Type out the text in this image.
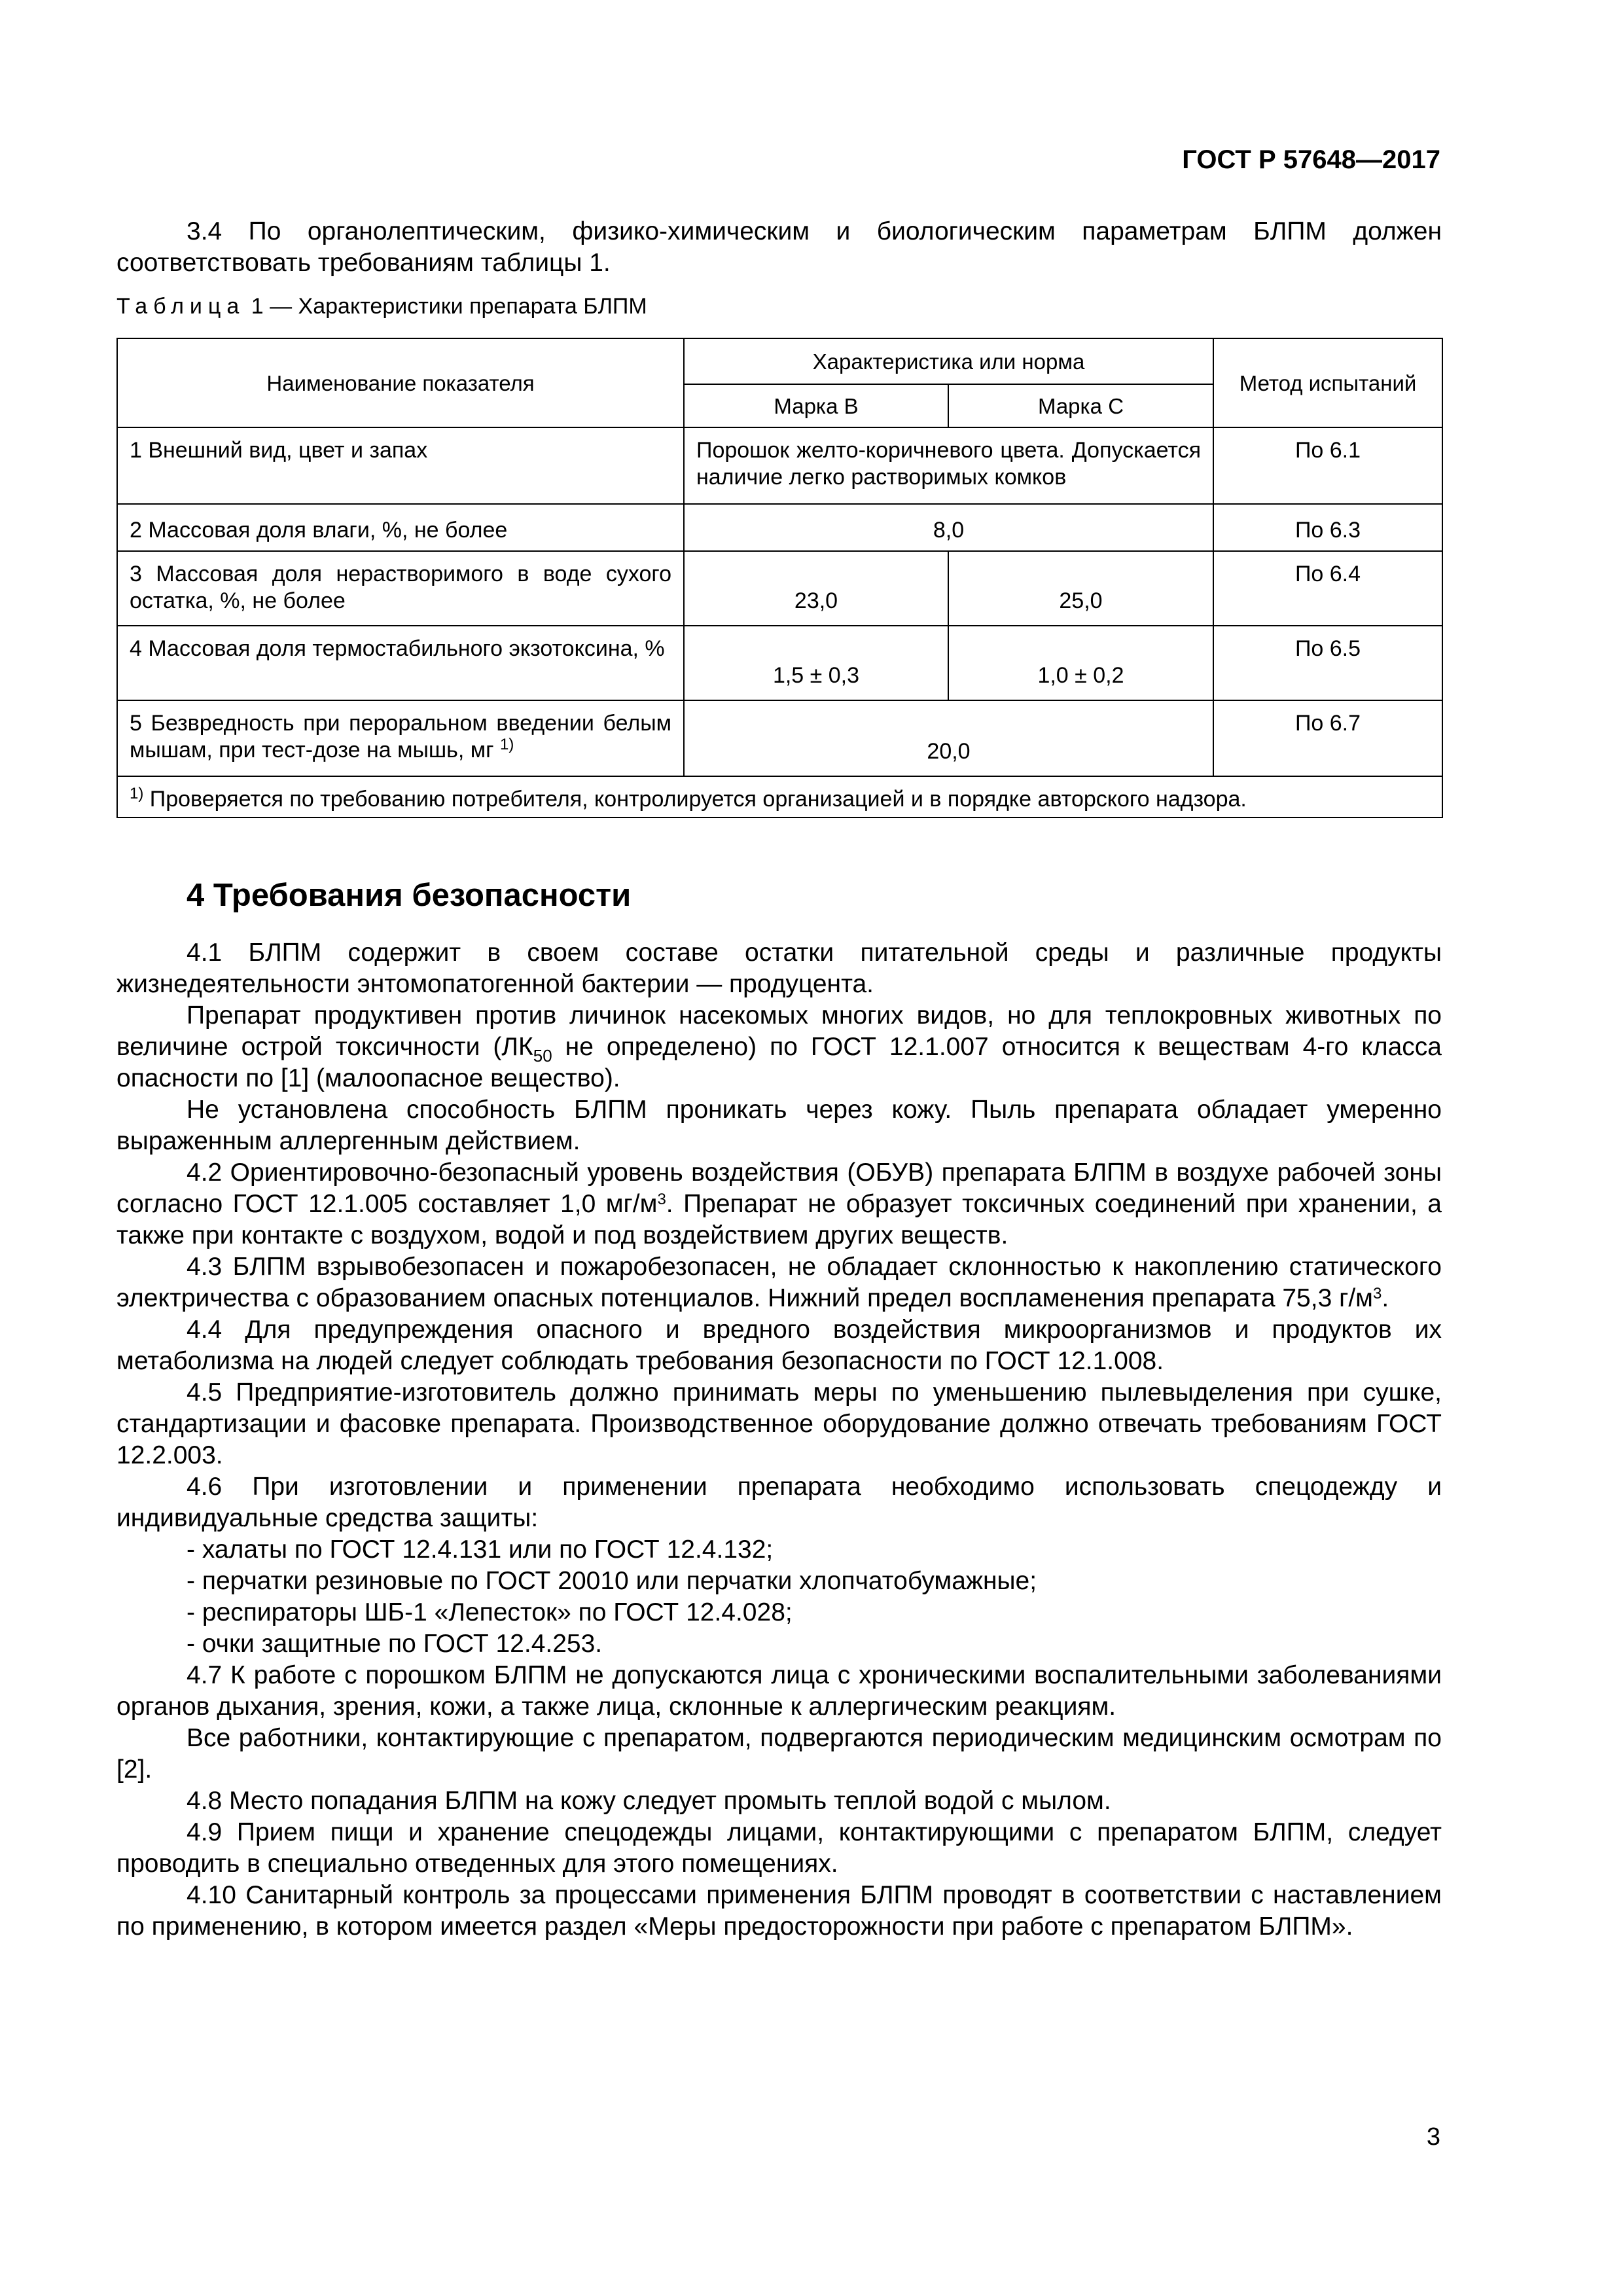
ГОСТ Р 57648—2017

3.4 По органолептическим, физико-химическим и биологическим параметрам БЛПМ должен соответствовать требованиям таблицы 1.

Таблица 1 — Характеристики препарата БЛПМ
Наименование показателя	Характеристика или норма		Метод испытаний
	Марка В	Марка С	
1 Внешний вид, цвет и запах	Порошок желто-коричневого цвета. Допускается наличие легко растворимых комков		По 6.1
2 Массовая доля влаги, %, не более	8,0		По 6.3
3 Массовая доля нерастворимого в воде сухого остатка, %, не более	23,0	25,0	По 6.4
4 Массовая доля термостабильного экзотоксина, %	1,5 ± 0,3	1,0 ± 0,2	По 6.5
5 Безвредность при пероральном введении белым мышам, при тест-дозе на мышь, мг $^{1)}$	20,0		По 6.7
$^{1)}$ Проверяется по требованию потребителя, контролируется организацией и в порядке авторского надзора.			
4 Требования безопасности

4.1 БЛПМ содержит в своем составе остатки питательной среды и различные продукты жизнедеятельности энтомопатогенной бактерии — продуцента.

Препарат продуктивен против личинок насекомых многих видов, но для теплокровных животных по величине острой токсичности ($ЛК_{50}$ не определено) по ГОСТ 12.1.007 относится к веществам 4-го класса опасности по [1] (малоопасное вещество).

Не установлена способность БЛПМ проникать через кожу. Пыль препарата обладает умеренно выраженным аллергенным действием.

4.2 Ориентировочно-безопасный уровень воздействия (ОБУВ) препарата БЛПМ в воздухе рабочей зоны согласно ГОСТ 12.1.005 составляет 1,0 $мг/м^3$. Препарат не образует токсичных соединений при хранении, а также при контакте с воздухом, водой и под воздействием других веществ.

4.3 БЛПМ взрывобезопасен и пожаробезопасен, не обладает склонностью к накоплению статического электричества с образованием опасных потенциалов. Нижний предел воспламенения препарата 75,3 $г/м^3$.

4.4 Для предупреждения опасного и вредного воздействия микроорганизмов и продуктов их метаболизма на людей следует соблюдать требования безопасности по ГОСТ 12.1.008.

4.5 Предприятие-изготовитель должно принимать меры по уменьшению пылевыделения при сушке, стандартизации и фасовке препарата. Производственное оборудование должно отвечать требованиям ГОСТ 12.2.003.

4.6 При изготовлении и применении препарата необходимо использовать спецодежду и индивидуальные средства защиты:

- халаты по ГОСТ 12.4.131 или по ГОСТ 12.4.132;

- перчатки резиновые по ГОСТ 20010 или перчатки хлопчатобумажные;

- респираторы ШБ-1 «Лепесток» по ГОСТ 12.4.028;

- очки защитные по ГОСТ 12.4.253.

4.7 К работе с порошком БЛПМ не допускаются лица с хроническими воспалительными заболеваниями органов дыхания, зрения, кожи, а также лица, склонные к аллергическим реакциям.

Все работники, контактирующие с препаратом, подвергаются периодическим медицинским осмотрам по [2].

4.8 Место попадания БЛПМ на кожу следует промыть теплой водой с мылом.

4.9 Прием пищи и хранение спецодежды лицами, контактирующими с препаратом БЛПМ, следует проводить в специально отведенных для этого помещениях.

4.10 Санитарный контроль за процессами применения БЛПМ проводят в соответствии с наставлением по применению, в котором имеется раздел «Меры предосторожности при работе с препаратом БЛПМ».

3
